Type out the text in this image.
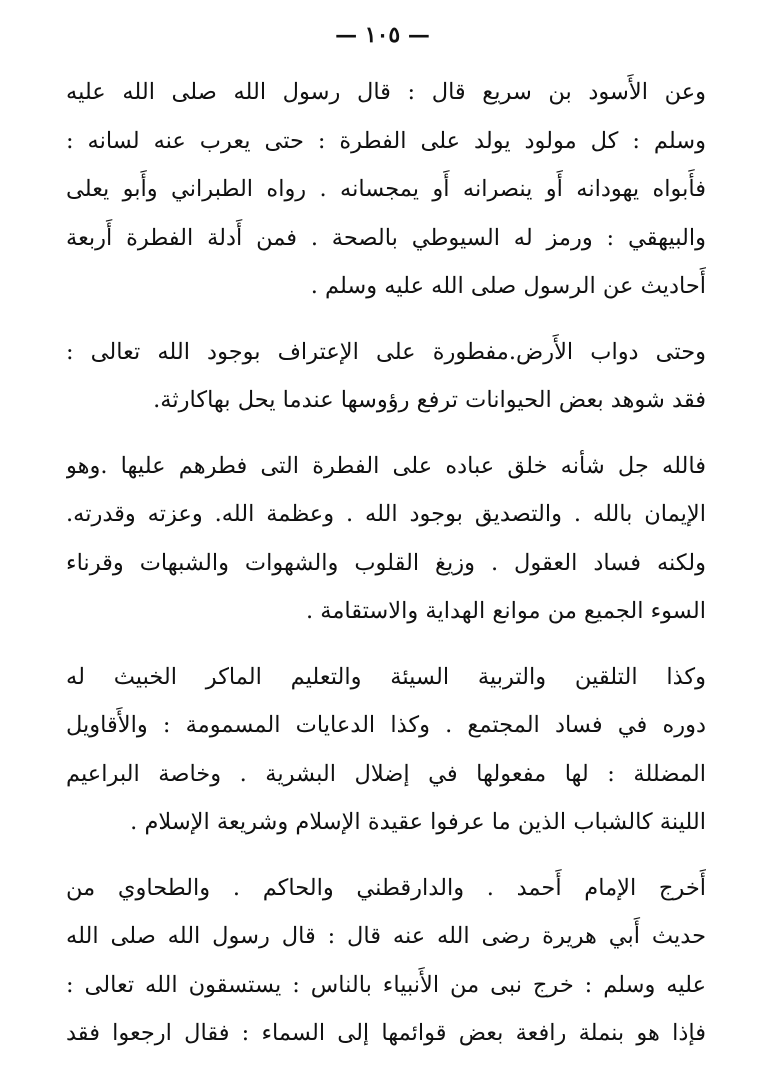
— ١٠٥ —
وعن الأَسود بن سريع قال : قال رسول الله صلى الله عليه
وسلم : كل مولود يولد على الفطرة : حتى يعرب عنه لسانه :
فأَبواه يهودانه أَو ينصرانه أَو يمجسانه . رواه الطبراني وأَبو يعلى
والبيهقي : ورمز له السيوطي بالصحة . فمن أَدلة الفطرة أَربعة
أَحاديث عن الرسول صلى الله عليه وسلم .
وحتى دواب الأَرض.مفطورة على الإعتراف بوجود الله تعالى :
فقد شوهد بعض الحيوانات ترفع رؤوسها عندما يحل بهاكارثة.
فالله جل شأنه خلق عباده على الفطرة التى فطرهم عليها .وهو
الإيمان بالله . والتصديق بوجود الله . وعظمة الله. وعزته وقدرته.
ولكنه فساد العقول . وزيغ القلوب والشهوات والشبهات وقرناء
السوء الجميع من موانع الهداية والاستقامة .
وكذا التلقين والتربية السيئة والتعليم الماكر الخبيث له
دوره في فساد المجتمع . وكذا الدعايات المسمومة : والأَقاويل
المضللة : لها مفعولها في إضلال البشرية . وخاصة البراعيم
اللينة كالشباب الذين ما عرفوا عقيدة الإسلام وشريعة الإسلام .
أَخرج الإمام أَحمد . والدارقطني والحاكم . والطحاوي من
حديث أَبي هريرة رضى الله عنه قال : قال رسول الله صلى الله
عليه وسلم : خرج نبى من الأَنبياء بالناس : يستسقون الله تعالى :
فإذا هو بنملة رافعة بعض قوائمها إلى السماء : فقال ارجعوا فقد
